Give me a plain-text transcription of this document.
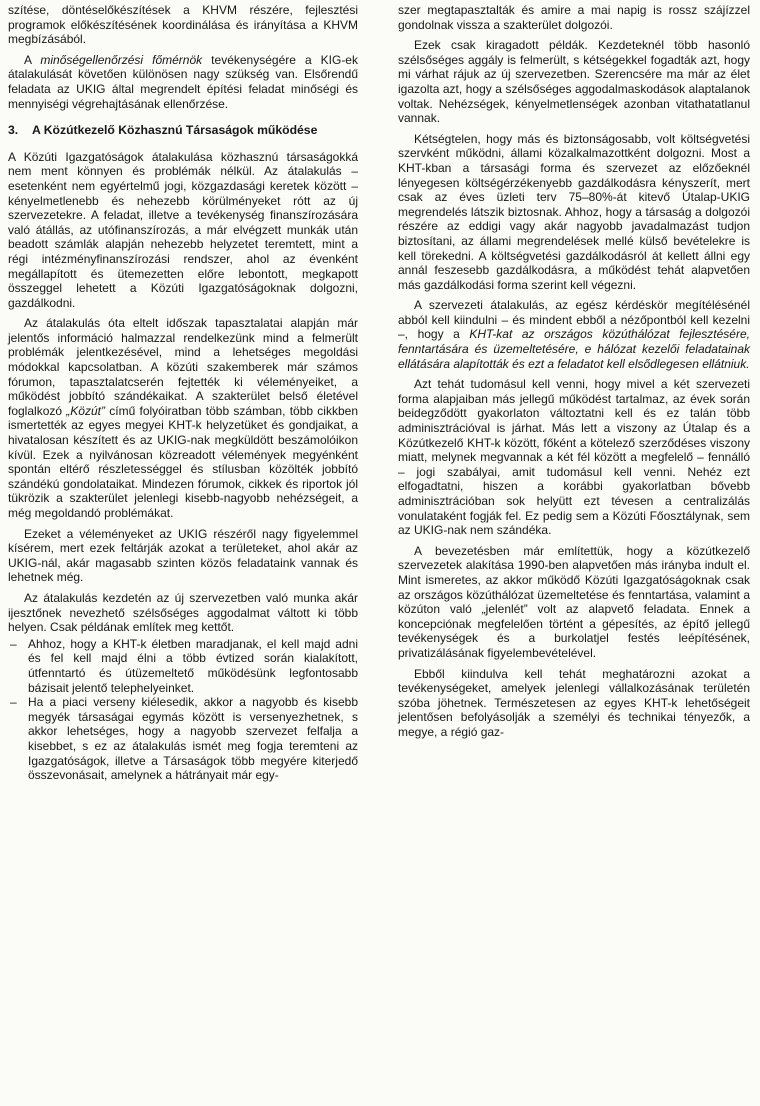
szítése, döntéselőkészítések a KHVM részére, fejlesztési programok előkészítésének koordinálása és irányítása a KHVM megbízásából.

A minőségellenőrzési főmérnök tevékenységére a KIG-ek átalakulását követően különösen nagy szükség van. Elsőrendű feladata az UKIG által megrendelt építési feladat minőségi és mennyiségi végrehajtásának ellenőrzése.

3. A Közútkezelő Közhasznú Társaságok működése

A Közúti Igazgatóságok átalakulása közhasznú társaságokká nem ment könnyen és problémák nélkül. Az átalakulás – esetenként nem egyértelmű jogi, közgazdasági keretek között – kényelmetlenebb és nehezebb körülményeket rótt az új szervezetekre. A feladat, illetve a tevékenység finanszírozására való átállás, az utófinanszírozás, a már elvégzett munkák után beadott számlák alapján nehezebb helyzetet teremtett, mint a régi intézményfinanszírozási rendszer, ahol az évenként megállapított és ütemezetten előre lebontott, megkapott összeggel lehetett a Közúti Igazgatóságoknak dolgozni, gazdálkodni.

Az átalakulás óta eltelt időszak tapasztalatai alapján már jelentős információ halmazzal rendelkezünk mind a felmerült problémák jelentkezésével, mind a lehetséges megoldási módokkal kapcsolatban. A közúti szakemberek már számos fórumon, tapasztalatcserén fejtették ki véleményeiket, a működést jobbító szándékaikat. A szakterület belső életével foglalkozó „Közút” című folyóiratban több számban, több cikkben ismertették az egyes megyei KHT-k helyzetüket és gondjaikat, a hivatalosan készített és az UKIG-nak megküldött beszámolóikon kívül. Ezek a nyilvánosan közreadott vélemények megyénként spontán eltérő részletességgel és stílusban közölték jobbító szándékú gondolataikat. Mindezen fórumok, cikkek és riportok jól tükrözik a szakterület jelenlegi kisebb-nagyobb nehézségeit, a még megoldandó problémákat.

Ezeket a véleményeket az UKIG részéről nagy figyelemmel kísérem, mert ezek feltárják azokat a területeket, ahol akár az UKIG-nál, akár magasabb szinten közös feladataink vannak és lehetnek még.

Az átalakulás kezdetén az új szervezetben való munka akár ijesztőnek nevezhető szélsőséges aggodalmat váltott ki több helyen. Csak példának említek meg kettőt.

– Ahhoz, hogy a KHT-k életben maradjanak, el kell majd adni és fel kell majd élni a több évtized során kialakított, útfenntartó és útüzemeltető működésünk legfontosabb bázisait jelentő telephelyeinket.
– Ha a piaci verseny kiélesedik, akkor a nagyobb és kisebb megyék társaságai egymás között is versenyezhetnek, s akkor lehetséges, hogy a nagyobb szervezet felfalja a kisebbet, s ez az átalakulás ismét meg fogja teremteni az Igazgatóságok, illetve a Társaságok több megyére kiterjedő összevonásait, amelynek a hátrányait már egy-

szer megtapasztalták és amire a mai napig is rossz szájízzel gondolnak vissza a szakterület dolgozói.

Ezek csak kiragadott példák. Kezdeteknél több hasonló szélsőséges aggály is felmerült, s kétségekkel fogadták azt, hogy mi várhat rájuk az új szervezetben. Szerencsére ma már az élet igazolta azt, hogy a szélsőséges aggodalmaskodások alaptalanok voltak. Nehézségek, kényelmetlenségek azonban vitathatatlanul vannak.

Kétségtelen, hogy más és biztonságosabb, volt költségvetési szervként működni, állami közalkalmazottként dolgozni. Most a KHT-kban a társasági forma és szervezet az előzőeknél lényegesen költségérzékenyebb gazdálkodásra kényszerít, mert csak az éves üzleti terv 75–80%-át kitevő Útalap-UKIG megrendelés látszik biztosnak. Ahhoz, hogy a társaság a dolgozói részére az eddigi vagy akár nagyobb javadalmazást tudjon biztosítani, az állami megrendelések mellé külső bevételekre is kell törekedni. A költségvetési gazdálkodásról át kellett állni egy annál feszesebb gazdálkodásra, a működést tehát alapvetően más gazdálkodási forma szerint kell végezni.

A szervezeti átalakulás, az egész kérdéskör megítélésénél abból kell kiindulni – és mindent ebből a nézőpontból kell kezelni –, hogy a KHT-kat az országos közúthálózat fejlesztésére, fenntartására és üzemeltetésére, e hálózat kezelői feladatainak ellátására alapították és ezt a feladatot kell elsődlegesen ellátniuk.

Azt tehát tudomásul kell venni, hogy mivel a két szervezeti forma alapjaiban más jellegű működést tartalmaz, az évek során beidegződött gyakorlaton változtatni kell és ez talán több adminisztrációval is járhat. Más lett a viszony az Útalap és a Közútkezelő KHT-k között, főként a kötelező szerződéses viszony miatt, melynek megvannak a két fél között a megfelelő – fennálló – jogi szabályai, amit tudomásul kell venni. Nehéz ezt elfogadtatni, hiszen a korábbi gyakorlatban bővebb adminisztrációban sok helyütt ezt tévesen a centralizálás vonulataként fogják fel. Ez pedig sem a Közúti Főosztálynak, sem az UKIG-nak nem szándéka.

A bevezetésben már említettük, hogy a közútkezelő szervezetek alakítása 1990-ben alapvetően más irányba indult el. Mint ismeretes, az akkor működő Közúti Igazgatóságoknak csak az országos közúthálózat üzemeltetése és fenntartása, valamint a közúton való „jelenlét” volt az alapvető feladata. Ennek a koncepciónak megfelelően történt a gépesítés, az építő jellegű tevékenységek és a burkolatjel festés leépítésének, privatizálásának figyelembevételével.

Ebből kiindulva kell tehát meghatározni azokat a tevékenységeket, amelyek jelenlegi vállalkozásának területén szóba jöhetnek. Természetesen az egyes KHT-k lehetőségeit jelentősen befolyásolják a személyi és technikai tényezők, a megye, a régió gaz-
